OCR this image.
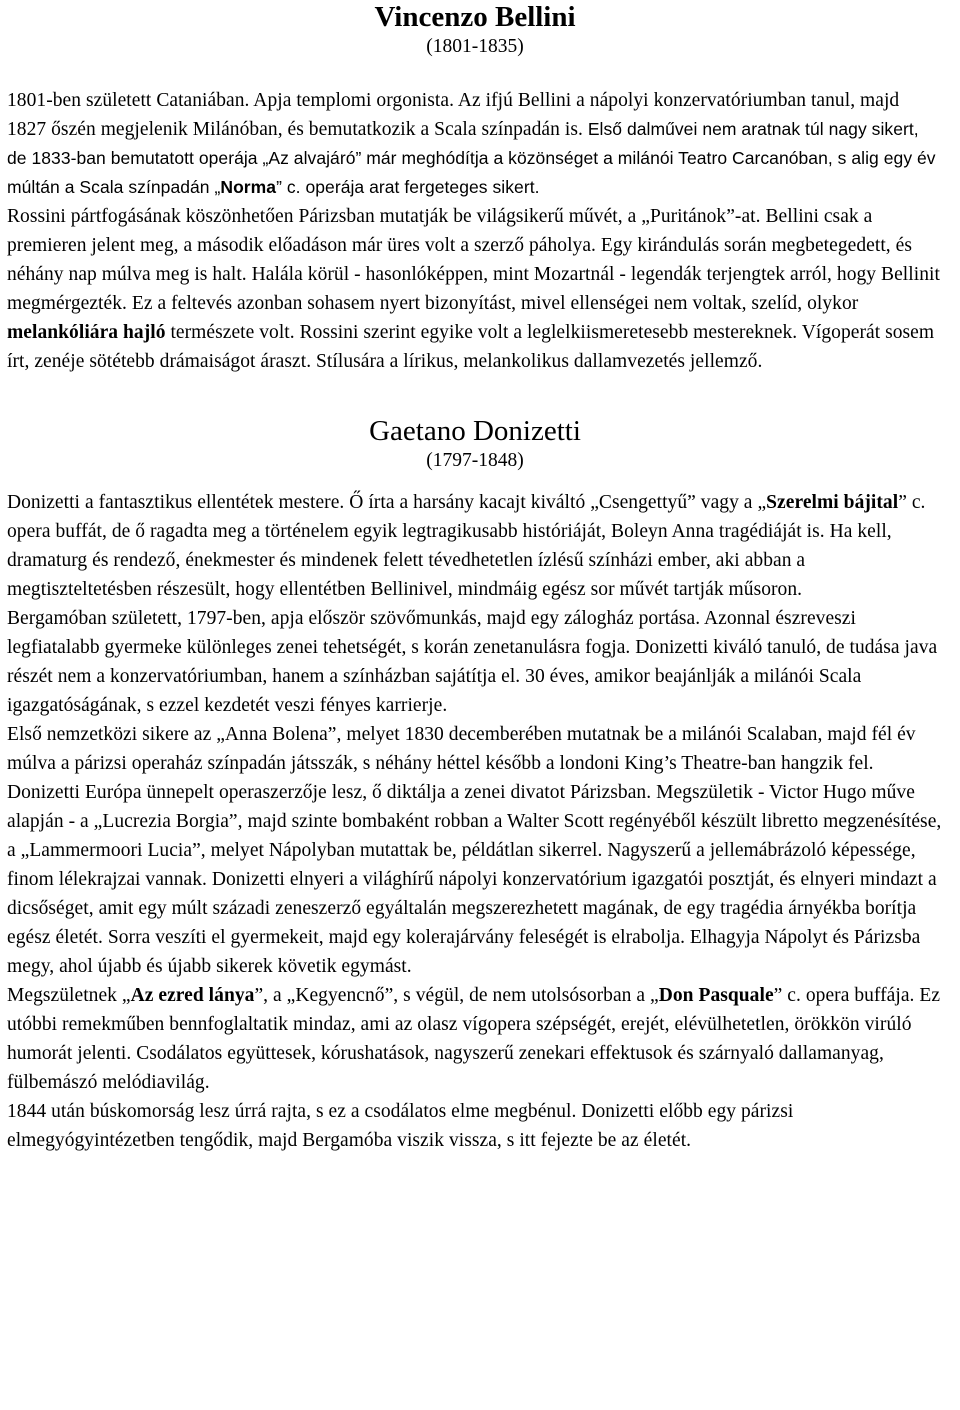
Vincenzo Bellini

(1801-1835)

1801-ben született Cataniában. Apja templomi orgonista. Az ifjú Bellini a nápolyi konzervatóriumban tanul, majd 1827 őszén megjelenik Milánóban, és bemutatkozik a Scala színpadán is. Első dalművei nem aratnak túl nagy sikert, de 1833-ban bemutatott operája „Az alvajáró” már meghódítja a közönséget a milánói Teatro Carcanóban, s alig egy év múltán a Scala színpadán „Norma” c. operája arat fergeteges sikert.
Rossini pártfogásának köszönhetően Párizsban mutatják be világsikerű művét, a „Puritánok”-at. Bellini csak a premieren jelent meg, a második előadáson már üres volt a szerző páholya. Egy kirándulás során megbetegedett, és néhány nap múlva meg is halt. Halála körül - hasonlóképpen, mint Mozartnál - legendák terjengtek arról, hogy Bellinit megmérgezték. Ez a feltevés azonban sohasem nyert bizonyítást, mivel ellenségei nem voltak, szelíd, olykor melankóliára hajló természete volt. Rossini szerint egyike volt a leglelkiismeretesebb mestereknek. Vígoperát sosem írt, zenéje sötétebb drámaiságot áraszt. Stílusára a lírikus, melankolikus dallamvezetés jellemző.

Gaetano Donizetti

(1797-1848)

Donizetti a fantasztikus ellentétek mestere. Ő írta a harsány kacajt kiváltó „Csengettyű” vagy a „Szerelmi bájital” c. opera buffát, de ő ragadta meg a történelem egyik legtragikusabb históriáját, Boleyn Anna tragédiáját is. Ha kell, dramaturg és rendező, énekmester és mindenek felett tévedhetetlen ízlésű színházi ember, aki abban a megtiszteltetésben részesült, hogy ellentétben Bellinivel, mindmáig egész sor művét tartják műsoron.

Bergamóban született, 1797-ben, apja először szövőmunkás, majd egy zálogház portása. Azonnal észreveszi legfiatalabb gyermeke különleges zenei tehetségét, s korán zenetanulásra fogja. Donizetti kiváló tanuló, de tudása java részét nem a konzervatóriumban, hanem a színházban sajátítja el. 30 éves, amikor beajánlják a milánói Scala igazgatóságának, s ezzel kezdetét veszi fényes karrierje.

Első nemzetközi sikere az „Anna Bolena”, melyet 1830 decemberében mutatnak be a milánói Scalaban, majd fél év múlva a párizsi operaház színpadán játsszák, s néhány héttel később a londoni King’s Theatre-ban hangzik fel. Donizetti Európa ünnepelt operaszerzője lesz, ő diktálja a zenei divatot Párizsban. Megszületik - Victor Hugo műve alapján - a „Lucrezia Borgia”, majd szinte bombaként robban a Walter Scott regényéből készült libretto megzenésítése, a „Lammermoori Lucia”, melyet Nápolyban mutattak be, példátlan sikerrel. Nagyszerű a jellemábrázoló képessége, finom lélekrajzai vannak. Donizetti elnyeri a világhírű nápolyi konzervatórium igazgatói posztját, és elnyeri mindazt a dicsőséget, amit egy múlt századi zeneszerző egyáltalán megszerezhetett magának, de egy tragédia árnyékba borítja egész életét. Sorra veszíti el gyermekeit, majd egy kolerajárvány feleségét is elrabolja. Elhagyja Nápolyt és Párizsba megy, ahol újabb és újabb sikerek követik egymást.

Megszületnek „Az ezred lánya”, a „Kegyencnő”, s végül, de nem utolsósorban a „Don Pasquale” c. opera buffája. Ez utóbbi remekműben bennfoglaltatik mindaz, ami az olasz vígopera szépségét, erejét, elévülhetetlen, örökkön virúló humorát jelenti. Csodálatos együttesek, kórushatások, nagyszerű zenekari effektusok és szárnyaló dallamanyag, fülbemászó melódiavilág.

1844 után búskomorság lesz úrrá rajta, s ez a csodálatos elme megbénul. Donizetti előbb egy párizsi elmegyógyintézetben tengődik, majd Bergamóba viszik vissza, s itt fejezte be az életét.
